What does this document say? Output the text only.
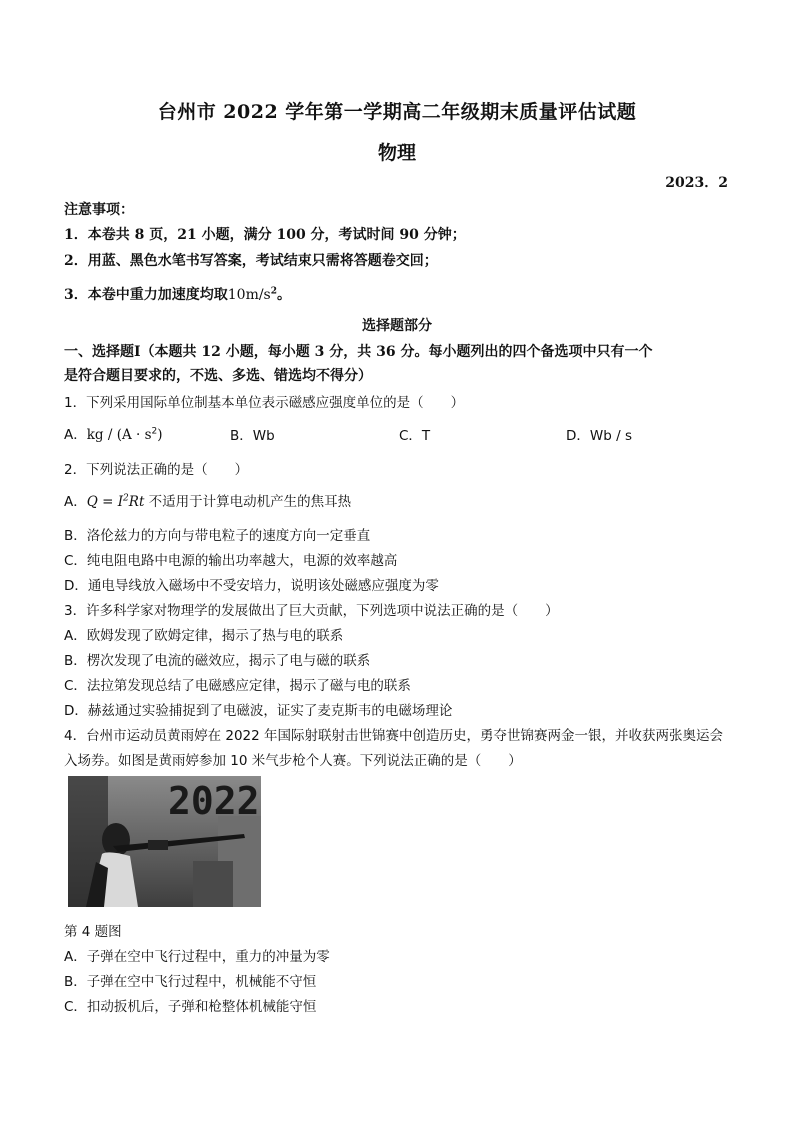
台州市 2022 学年第一学期高二年级期末质量评估试题
物理
2023．2
注意事项：
1．本卷共 8 页，21 小题，满分 100 分，考试时间 90 分钟；
2．用蓝、黑色水笔书写答案，考试结束只需将答题卷交回；
3．本卷中重力加速度均取$10m/s^2$。
选择题部分
一、选择题Ⅰ（本题共 12 小题，每小题 3 分，共 36 分。每小题列出的四个备选项中只有一个
是符合题目要求的，不选、多选、错选均不得分）
1．下列采用国际单位制基本单位表示磁感应强度单位的是（　　）
A．kg / $(A \cdot s^2)$	B．Wb	C．T	D．Wb / s
2．下列说法正确的是（　　）
A．$Q = I^2Rt$ 不适用于计算电动机产生的焦耳热
B．洛伦兹力的方向与带电粒子的速度方向一定垂直
C．纯电阻电路中电源的输出功率越大，电源的效率越高
D．通电导线放入磁场中不受安培力，说明该处磁感应强度为零
3．许多科学家对物理学的发展做出了巨大贡献，下列选项中说法正确的是（　　）
A．欧姆发现了欧姆定律，揭示了热与电的联系
B．楞次发现了电流的磁效应，揭示了电与磁的联系
C．法拉第发现总结了电磁感应定律，揭示了磁与电的联系
D．赫兹通过实验捕捉到了电磁波，证实了麦克斯韦的电磁场理论
4．台州市运动员黄雨婷在 2022 年国际射联射击世锦赛中创造历史，勇夺世锦赛两金一银，并收获两张奥运会
入场券。如图是黄雨婷参加 10 米气步枪个人赛。下列说法正确的是（　　）
2022
第 4 题图
A．子弹在空中飞行过程中，重力的冲量为零
B．子弹在空中飞行过程中，机械能不守恒
C．扣动扳机后，子弹和枪整体机械能守恒
